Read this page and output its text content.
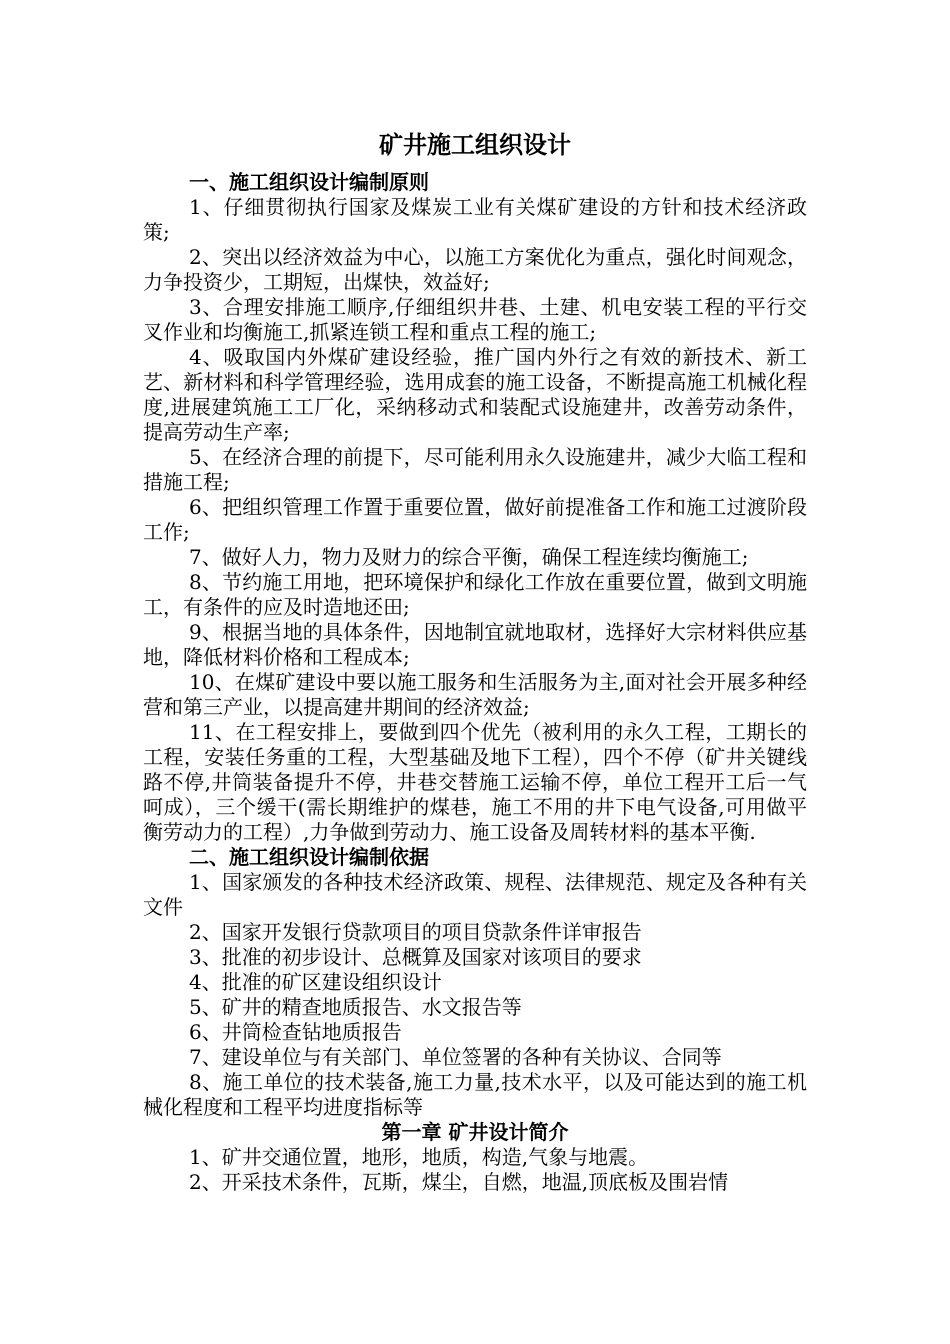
矿井施工组织设计

一、施工组织设计编制原则

1、仔细贯彻执行国家及煤炭工业有关煤矿建设的方针和技术经济政策;

2、突出以经济效益为中心，以施工方案优化为重点，强化时间观念，力争投资少，工期短，出煤快，效益好;

3、合理安排施工顺序,仔细组织井巷、土建、机电安装工程的平行交叉作业和均衡施工,抓紧连锁工程和重点工程的施工;

4、吸取国内外煤矿建设经验，推广国内外行之有效的新技术、新工艺、新材料和科学管理经验，选用成套的施工设备，不断提高施工机械化程度,进展建筑施工工厂化，采纳移动式和装配式设施建井，改善劳动条件，提高劳动生产率;

5、在经济合理的前提下，尽可能利用永久设施建井，减少大临工程和措施工程;

6、把组织管理工作置于重要位置，做好前提准备工作和施工过渡阶段工作;

7、做好人力，物力及财力的综合平衡，确保工程连续均衡施工;

8、节约施工用地，把环境保护和绿化工作放在重要位置，做到文明施工，有条件的应及时造地还田;

9、根据当地的具体条件，因地制宜就地取材，选择好大宗材料供应基地，降低材料价格和工程成本;

10、在煤矿建设中要以施工服务和生活服务为主,面对社会开展多种经营和第三产业，以提高建井期间的经济效益;

11、在工程安排上，要做到四个优先（被利用的永久工程，工期长的工程，安装任务重的工程，大型基础及地下工程），四个不停（矿井关键线路不停,井筒装备提升不停，井巷交替施工运输不停，单位工程开工后一气呵成），三个缓干(需长期维护的煤巷，施工不用的井下电气设备,可用做平衡劳动力的工程）,力争做到劳动力、施工设备及周转材料的基本平衡.

二、施工组织设计编制依据

1、国家颁发的各种技术经济政策、规程、法律规范、规定及各种有关文件

2、国家开发银行贷款项目的项目贷款条件详审报告

3、批准的初步设计、总概算及国家对该项目的要求

4、批准的矿区建设组织设计

5、矿井的精查地质报告、水文报告等

6、井筒检查钻地质报告

7、建设单位与有关部门、单位签署的各种有关协议、合同等

8、施工单位的技术装备,施工力量,技术水平，以及可能达到的施工机械化程度和工程平均进度指标等

第一章 矿井设计简介

1、矿井交通位置，地形，地质，构造,气象与地震。

2、开采技术条件，瓦斯，煤尘，自燃，地温,顶底板及围岩情
